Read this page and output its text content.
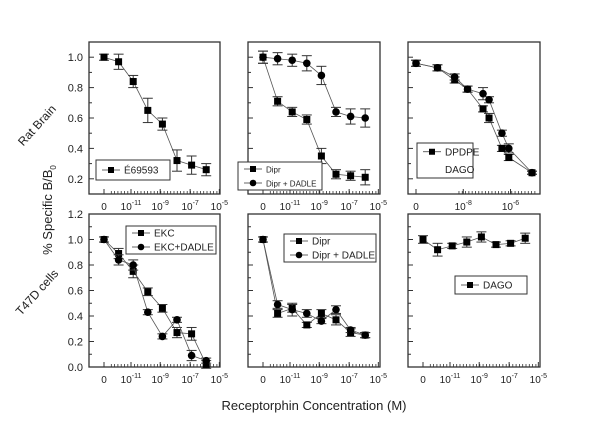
0.2
0.4
0.6
0.8
1.0
0 $10^{-11}$ $10^{-9}$ $10^{-7}$ $10^{-5}$
É69593
0 $10^{-11}$ $10^{-9}$ $10^{-7}$ $10^{-5}$
Dipr
Dipr + DADLE
0	$10^{-8}$	$10^{-6}$
DPDPE
DAGO
0.0
0.2
0.4
0.6
0.8
1.0
1.2
0 $10^{-11}$ $10^{-9}$ $10^{-7}$ $10^{-5}$
EKC
EKC+DADLE
0 $10^{-11}$ $10^{-9}$ $10^{-7}$ $10^{-5}$
Dipr
Dipr + DADLE
0 $10^{-11}$ $10^{-9}$ $10^{-7}$ $10^{-5}$
DAGO
Rat Brain
T47D cells
% Specific $B/B_0$
Receptorphin Concentration (M)
